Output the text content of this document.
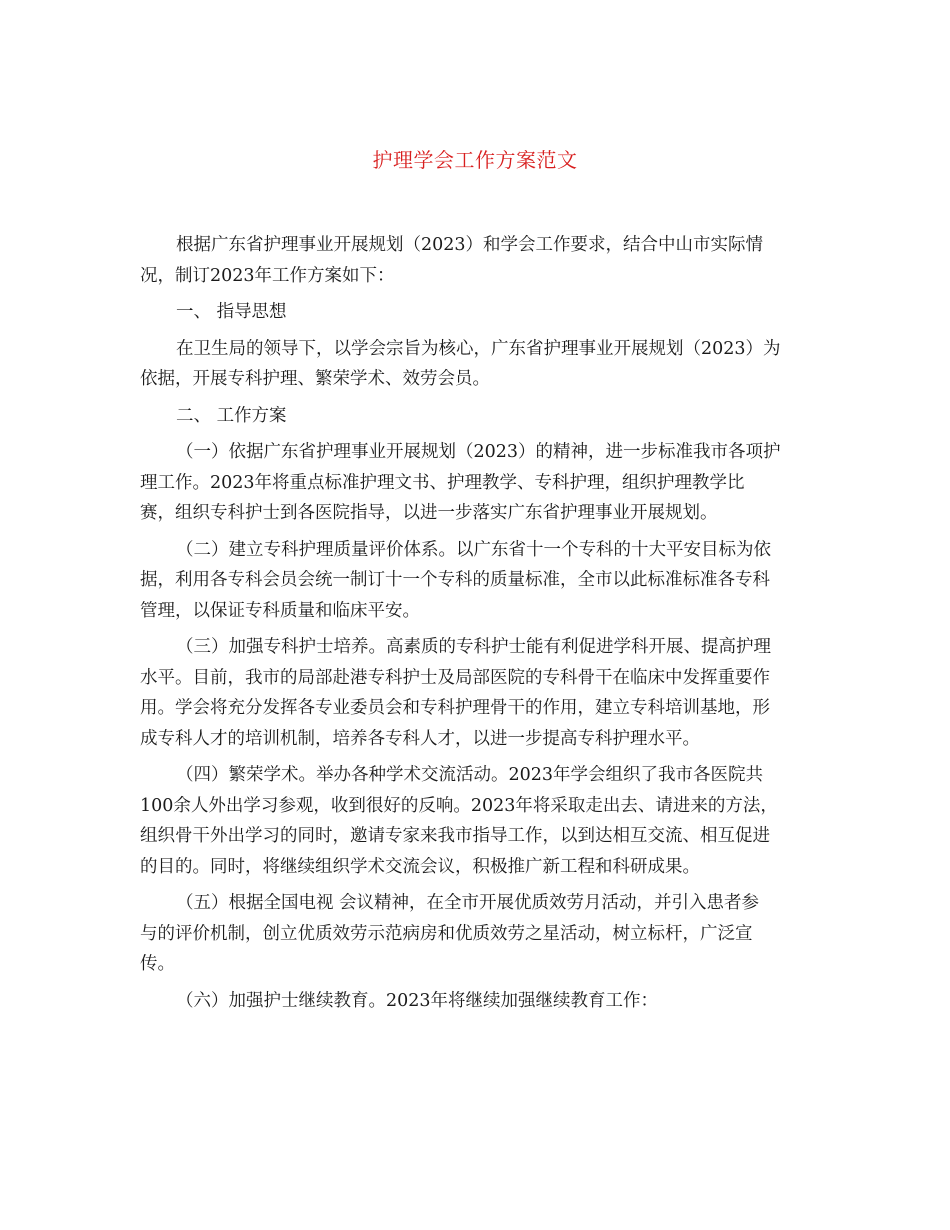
护理学会工作方案范文
根据广东省护理事业开展规划（2023）和学会工作要求，结合中山市实际情
况，制订2023年工作方案如下：
一、 指导思想
在卫生局的领导下，以学会宗旨为核心，广东省护理事业开展规划（2023）为
依据，开展专科护理、繁荣学术、效劳会员。
二、 工作方案
（一）依据广东省护理事业开展规划（2023）的精神，进一步标准我市各项护
理工作。2023年将重点标准护理文书、护理教学、专科护理，组织护理教学比
赛，组织专科护士到各医院指导，以进一步落实广东省护理事业开展规划。
（二）建立专科护理质量评价体系。以广东省十一个专科的十大平安目标为依
据，利用各专科会员会统一制订十一个专科的质量标准，全市以此标准标准各专科
管理，以保证专科质量和临床平安。
（三）加强专科护士培养。高素质的专科护士能有利促进学科开展、提高护理
水平。目前，我市的局部赴港专科护士及局部医院的专科骨干在临床中发挥重要作
用。学会将充分发挥各专业委员会和专科护理骨干的作用，建立专科培训基地，形
成专科人才的培训机制，培养各专科人才，以进一步提高专科护理水平。
（四）繁荣学术。举办各种学术交流活动。2023年学会组织了我市各医院共
100余人外出学习参观，收到很好的反响。2023年将采取走出去、请进来的方法，
组织骨干外出学习的同时，邀请专家来我市指导工作，以到达相互交流、相互促进
的目的。同时，将继续组织学术交流会议，积极推广新工程和科研成果。
（五）根据全国电视 会议精神，在全市开展优质效劳月活动，并引入患者参
与的评价机制，创立优质效劳示范病房和优质效劳之星活动，树立标杆，广泛宣
传。
（六）加强护士继续教育。2023年将继续加强继续教育工作：
